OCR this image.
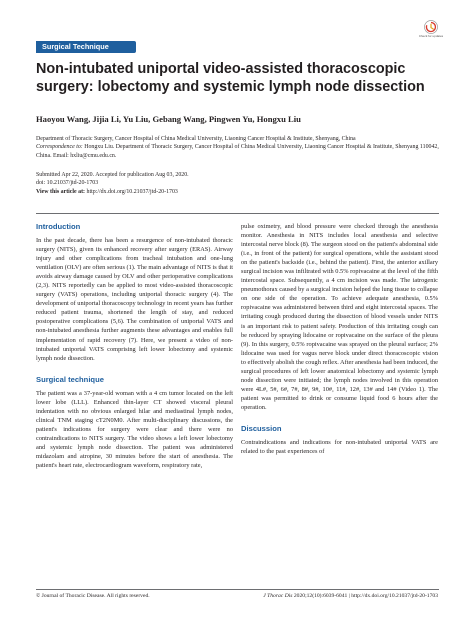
Surgical Technique
Check for updates
Non-intubated uniportal video-assisted thoracoscopic surgery: lobectomy and systemic lymph node dissection
Haoyou Wang, Jijia Li, Yu Liu, Gebang Wang, Pingwen Yu, Hongxu Liu
Department of Thoracic Surgery, Cancer Hospital of China Medical University, Liaoning Cancer Hospital & Institute, Shenyang, China
Correspondence to: Hongxu Liu. Department of Thoracic Surgery, Cancer Hospital of China Medical University, Liaoning Cancer Hospital & Institute, Shenyang 110042, China. Email: hxliu@cmu.edu.cn.
Submitted Apr 22, 2020. Accepted for publication Aug 03, 2020.
doi: 10.21037/jtd-20-1703
View this article at: http://dx.doi.org/10.21037/jtd-20-1703
Introduction

In the past decade, there has been a resurgence of non-intubated thoracic surgery (NITS), given its enhanced recovery after surgery (ERAS). Airway injury and other complications from tracheal intubation and one-lung ventilation (OLV) are often serious (1). The main advantage of NITS is that it avoids airway damage caused by OLV and other perioperative complications (2,3). NITS reportedly can be applied to most video-assisted thoracoscopic surgery (VATS) operations, including uniportal thoracic surgery (4). The development of uniportal thoracoscopy technology in recent years has further reduced patient trauma, shortened the length of stay, and reduced postoperative complications (5,6). The combination of uniportal VATS and non-intubated anesthesia further augments these advantages and enables full implementation of rapid recovery (7). Here, we present a video of non-intubated uniportal VATS comprising left lower lobectomy and systemic lymph node dissection.

Surgical technique

The patient was a 37-year-old woman with a 4 cm tumor located on the left lower lobe (LLL). Enhanced thin-layer CT showed visceral pleural indentation with no obvious enlarged hilar and mediastinal lymph nodes, clinical TNM staging cT2N0M0. After multi-disciplinary discussions, the patient's indications for surgery were clear and there were no contraindications to NITS surgery. The video shows a left lower lobectomy and systemic lymph node dissection. The patient was administered midazolam and atropine, 30 minutes before the start of anesthesia. The patient's heart rate, electrocardiogram waveform, respiratory rate,

pulse oximetry, and blood pressure were checked through the anesthesia monitor. Anesthesia in NITS includes local anesthesia and selective intercostal nerve block (8). The surgeon stood on the patient's abdominal side (i.e., in front of the patient) for surgical operations, while the assistant stood on the patient's backside (i.e., behind the patient). First, the anterior axillary surgical incision was infiltrated with 0.5% ropivacaine at the level of the fifth intercostal space. Subsequently, a 4 cm incision was made. The iatrogenic pneumothorax caused by a surgical incision helped the lung tissue to collapse on one side of the operation. To achieve adequate anesthesia, 0.5% ropivacaine was administered between third and eight intercostal spaces. The irritating cough produced during the dissection of blood vessels under NITS is an important risk to patient safety. Production of this irritating cough can be reduced by spraying lidocaine or ropivacaine on the surface of the pleura (9). In this surgery, 0.5% ropivacaine was sprayed on the pleural surface; 2% lidocaine was used for vagus nerve block under direct thoracoscopic vision to effectively abolish the cough reflex. After anesthesia had been induced, the surgical procedures of left lower anatomical lobectomy and systemic lymph node dissection were initiated; the lymph nodes involved in this operation were 4L#, 5#, 6#, 7#, 8#, 9#, 10#, 11#, 12#, 13# and 14# (Video 1). The patient was permitted to drink or consume liquid food 6 hours after the operation.

Discussion

Contraindications and indications for non-intubated uniportal VATS are related to the past experiences of

© Journal of Thoracic Disease. All rights reserved.	J Thorac Dis 2020;12(10):6039-6041 | http://dx.doi.org/10.21037/jtd-20-1703
